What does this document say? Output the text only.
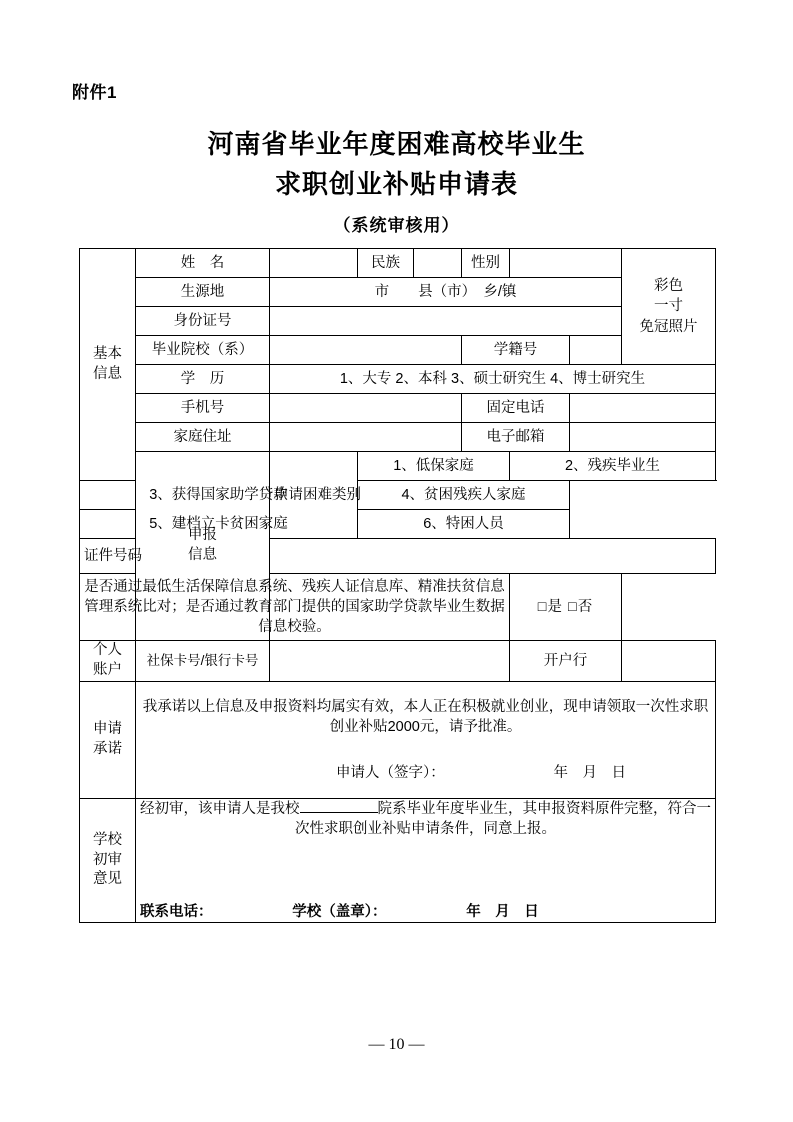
附件1
河南省毕业年度困难高校毕业生
求职创业补贴申请表
（系统审核用）
基本
信息
	姓　名		民族		性别		
彩色
一寸
免冠照片

	生源地	市　　县（市）　乡/镇						
	身份证号							
	毕业院校（系）				学籍号			
	学　历	1、大专 2、本科 3、硕士研究生 4、博士研究生						
	手机号				固定电话			
	家庭住址				电子邮箱			

	申报
信息	申请困难类别	1、低保家庭			2、残疾毕业生		
3、获得国家助学贷款			4、贫困残疾人家庭					
5、建档立卡贫困家庭			6、特困人员					
证件号码								
是否通过最低生活保障信息系统、残疾人证信息库、精准扶贫信息管理系统比对；是否通过教育部门提供的国家助学贷款毕业生数据信息校验。						□是 □否		

个人
账户	社保卡号/银行卡号					开户行		

申请
承诺	我承诺以上信息及申报资料均属实有效，本人正在积极就业创业，现申请领取一次性求职创业补贴2000元，请予批准。
申请人（签字）：　　　　　　　　年　月　日							

学校
初审
意见	经初审，该申请人是我校 院系毕业年度毕业生，其申报资料原件完整，符合一次性求职创业补贴申请条件，同意上报。
联系电话：　　　　　　学校（盖章）：　　　　　　年　月　日							
— 10 —
